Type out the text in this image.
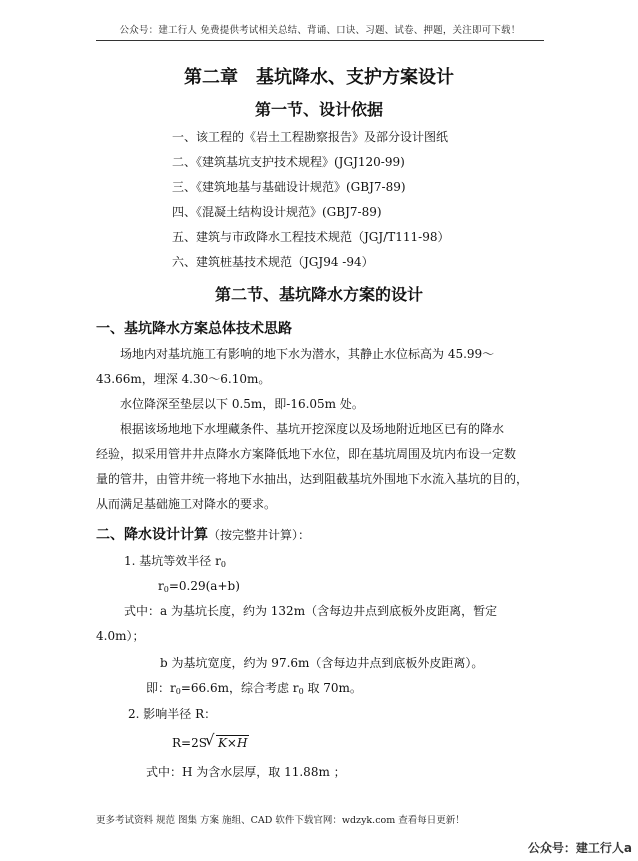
公众号：建工行人 免费提供考试相关总结、背诵、口诀、习题、试卷、押题，关注即可下载！
第二章　基坑降水、支护方案设计
第一节、设计依据
一、该工程的《岩土工程勘察报告》及部分设计图纸
二、《建筑基坑支护技术规程》(JGJ120-99)
三、《建筑地基与基础设计规范》(GBJ7-89)
四、《混凝土结构设计规范》(GBJ7-89)
五、建筑与市政降水工程技术规范（JGJ/T111-98）
六、建筑桩基技术规范（JGJ94 -94）
第二节、基坑降水方案的设计
一、基坑降水方案总体技术思路
场地内对基坑施工有影响的地下水为潜水，其静止水位标高为 45.99～
43.66m，埋深 4.30～6.10m。
水位降深至垫层以下 0.5m，即-16.05m 处。
根据该场地地下水埋藏条件、基坑开挖深度以及场地附近地区已有的降水
经验，拟采用管井井点降水方案降低地下水位，即在基坑周围及坑内布设一定数
量的管井，由管井统一将地下水抽出，达到阻截基坑外围地下水流入基坑的目的，
从而满足基础施工对降水的要求。
二、降水设计计算（按完整井计算）：
1. 基坑等效半径 $r_0$
$r_0=0.29(a+b)$
式中：a 为基坑长度，约为 132m（含每边井点到底板外皮距离，暂定
4.0m）；
b 为基坑宽度，约为 97.6m（含每边井点到底板外皮距离）。
即：$r_0=66.6m$，综合考虑 $r_0$ 取 70m。
2. 影响半径 R：
R=2S√ K×H
式中：H 为含水层厚，取 11.88m ；
更多考试资料 规范 图集 方案 施组、CAD 软件下载官网：wdzyk.com 查看每日更新！
公众号：建工行人a
